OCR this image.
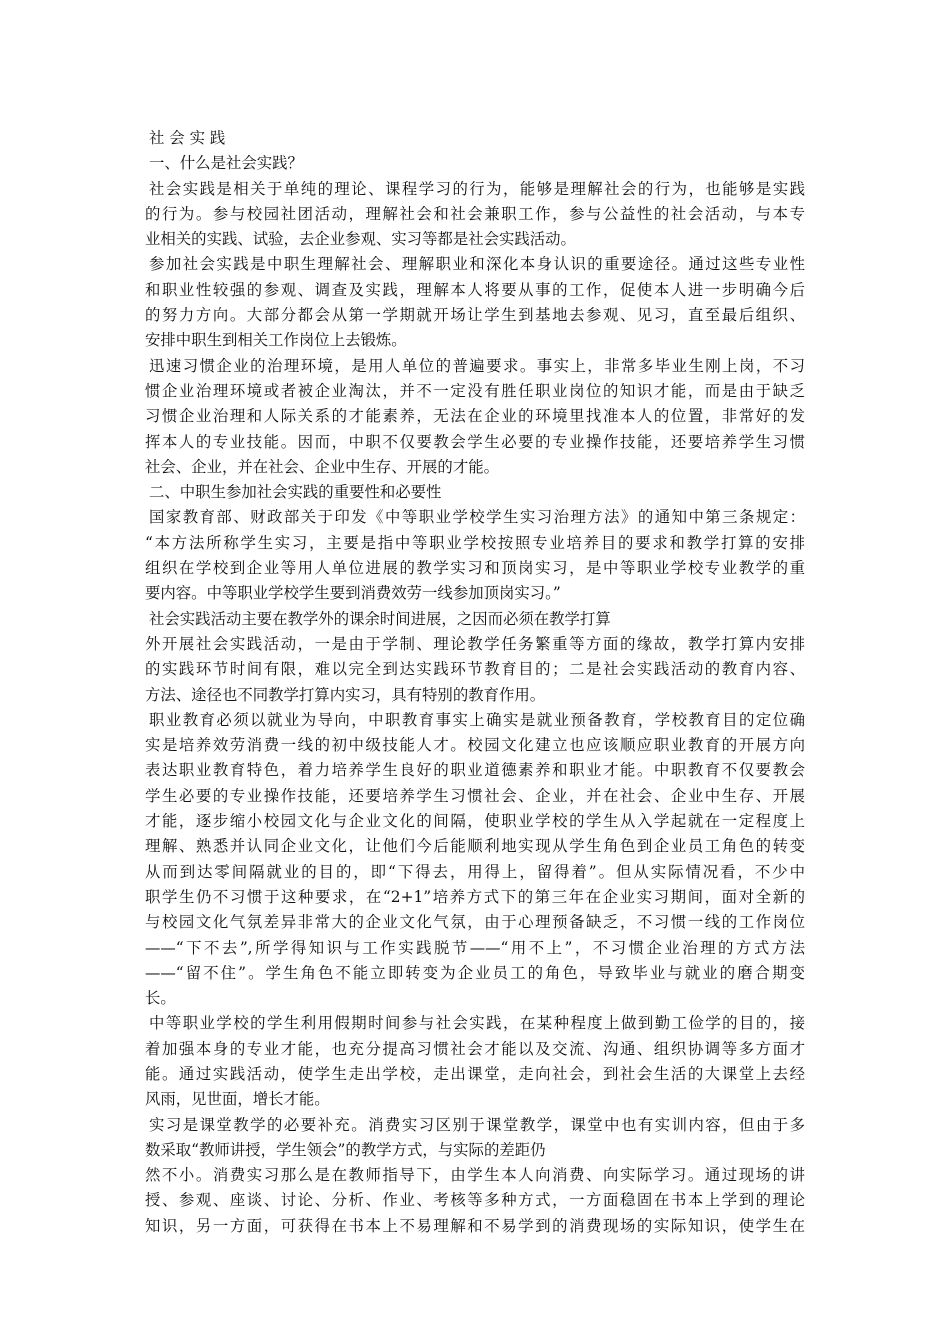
社 会 实 践
一、什么是社会实践？
社会实践是相关于单纯的理论、课程学习的行为，能够是理解社会的行为，也能够是实践
的行为。参与校园社团活动，理解社会和社会兼职工作，参与公益性的社会活动，与本专
业相关的实践、试验，去企业参观、实习等都是社会实践活动。
参加社会实践是中职生理解社会、理解职业和深化本身认识的重要途径。通过这些专业性
和职业性较强的参观、调查及实践，理解本人将要从事的工作，促使本人进一步明确今后
的努力方向。大部分都会从第一学期就开场让学生到基地去参观、见习，直至最后组织、
安排中职生到相关工作岗位上去锻炼。
迅速习惯企业的治理环境，是用人单位的普遍要求。事实上，非常多毕业生刚上岗，不习
惯企业治理环境或者被企业淘汰，并不一定没有胜任职业岗位的知识才能，而是由于缺乏
习惯企业治理和人际关系的才能素养，无法在企业的环境里找准本人的位置，非常好的发
挥本人的专业技能。因而，中职不仅要教会学生必要的专业操作技能，还要培养学生习惯
社会、企业，并在社会、企业中生存、开展的才能。
二、中职生参加社会实践的重要性和必要性
国家教育部、财政部关于印发《中等职业学校学生实习治理方法》的通知中第三条规定：
“本方法所称学生实习，主要是指中等职业学校按照专业培养目的要求和教学打算的安排
组织在学校到企业等用人单位进展的教学实习和顶岗实习，是中等职业学校专业教学的重
要内容。中等职业学校学生要到消费效劳一线参加顶岗实习。”
社会实践活动主要在教学外的课余时间进展，之因而必须在教学打算
外开展社会实践活动，一是由于学制、理论教学任务繁重等方面的缘故，教学打算内安排
的实践环节时间有限，难以完全到达实践环节教育目的；二是社会实践活动的教育内容、
方法、途径也不同教学打算内实习，具有特别的教育作用。
职业教育必须以就业为导向，中职教育事实上确实是就业预备教育，学校教育目的定位确
实是培养效劳消费一线的初中级技能人才。校园文化建立也应该顺应职业教育的开展方向
表达职业教育特色，着力培养学生良好的职业道德素养和职业才能。中职教育不仅要教会
学生必要的专业操作技能，还要培养学生习惯社会、企业，并在社会、企业中生存、开展
才能，逐步缩小校园文化与企业文化的间隔，使职业学校的学生从入学起就在一定程度上
理解、熟悉并认同企业文化，让他们今后能顺利地实现从学生角色到企业员工角色的转变
从而到达零间隔就业的目的，即“下得去，用得上，留得着”。但从实际情况看，不少中
职学生仍不习惯于这种要求，在“2+1”培养方式下的第三年在企业实习期间，面对全新的
与校园文化气氛差异非常大的企业文化气氛，由于心理预备缺乏，不习惯一线的工作岗位
——“下不去”,所学得知识与工作实践脱节——“用不上”，不习惯企业治理的方式方法
——“留不住”。学生角色不能立即转变为企业员工的角色，导致毕业与就业的磨合期变
长。
中等职业学校的学生利用假期时间参与社会实践，在某种程度上做到勤工俭学的目的，接
着加强本身的专业才能，也充分提高习惯社会才能以及交流、沟通、组织协调等多方面才
能。通过实践活动，使学生走出学校，走出课堂，走向社会，到社会生活的大课堂上去经
风雨，见世面，增长才能。
实习是课堂教学的必要补充。消费实习区别于课堂教学，课堂中也有实训内容，但由于多
数采取“教师讲授，学生领会”的教学方式，与实际的差距仍
然不小。消费实习那么是在教师指导下，由学生本人向消费、向实际学习。通过现场的讲
授、参观、座谈、讨论、分析、作业、考核等多种方式，一方面稳固在书本上学到的理论
知识，另一方面，可获得在书本上不易理解和不易学到的消费现场的实际知识，使学生在
